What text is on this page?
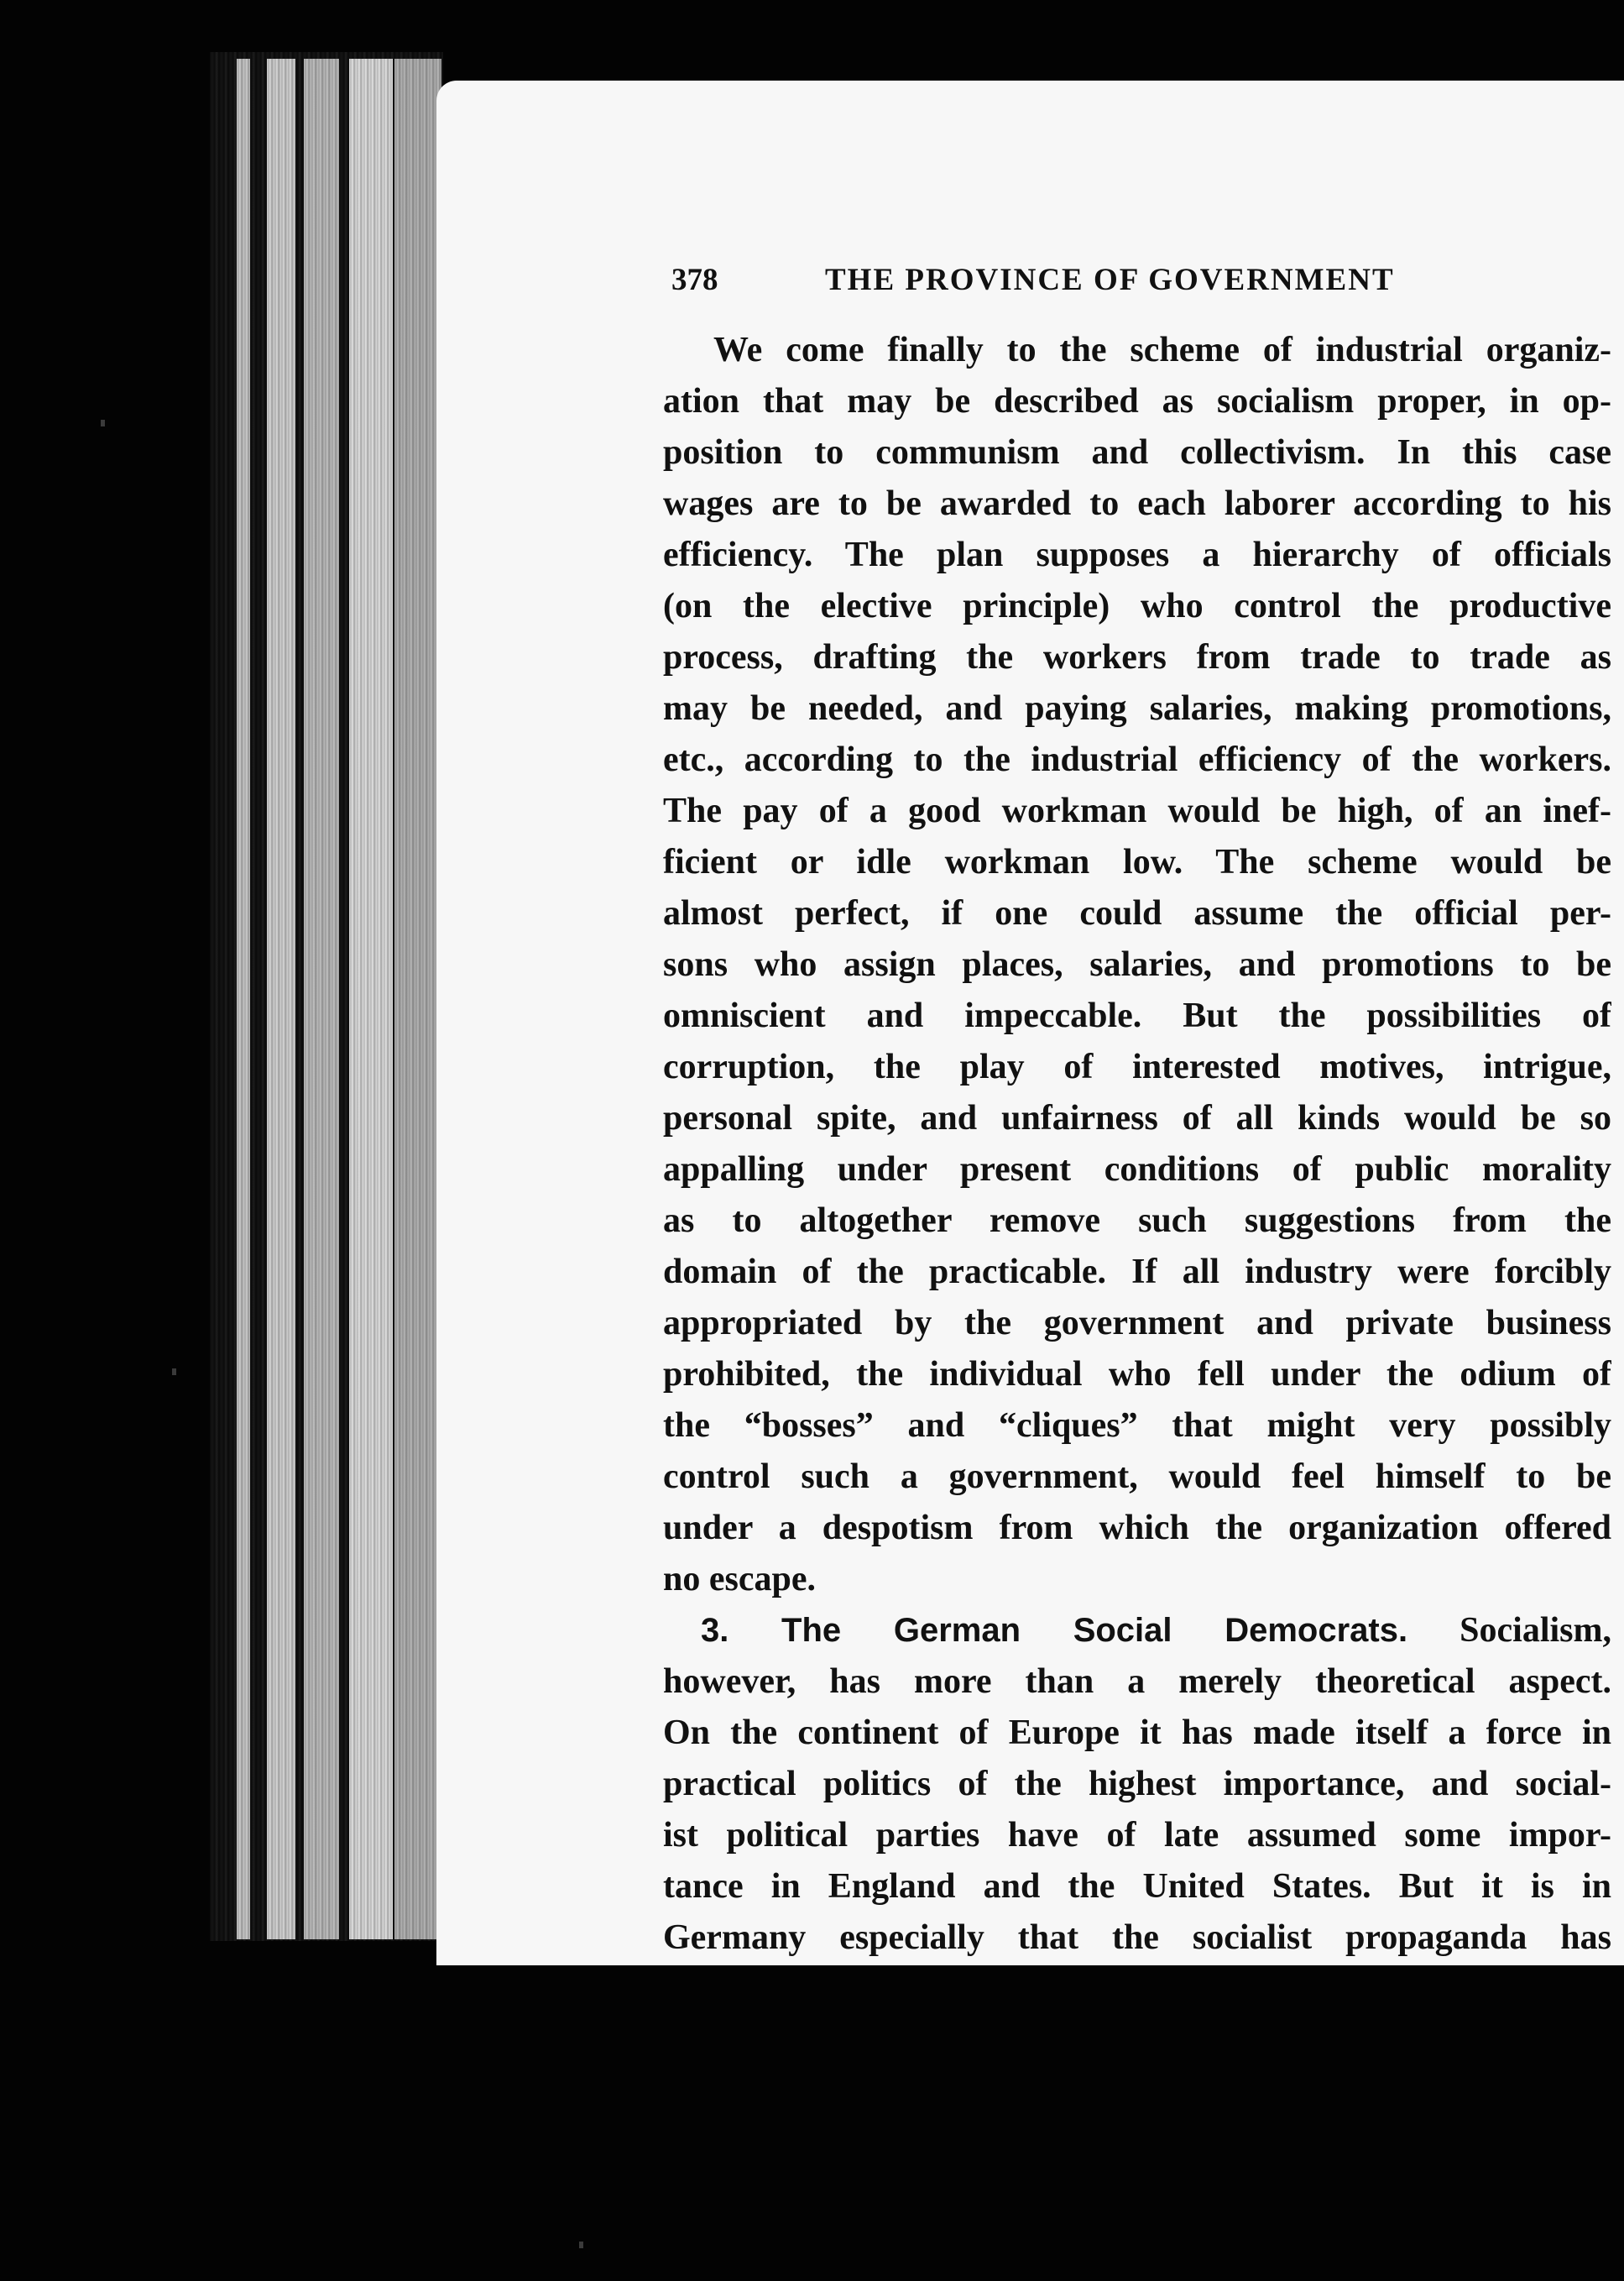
378	THE PROVINCE OF GOVERNMENT
We come finally to the scheme of industrial organiz-
ation that may be described as socialism proper, in op-
position to communism and collectivism. In this case
wages are to be awarded to each laborer according to his
efficiency. The plan supposes a hierarchy of officials
(on the elective principle) who control the productive
process, drafting the workers from trade to trade as
may be needed, and paying salaries, making promotions,
etc., according to the industrial efficiency of the workers.
The pay of a good workman would be high, of an inef-
ficient or idle workman low. The scheme would be
almost perfect, if one could assume the official per-
sons who assign places, salaries, and promotions to be
omniscient and impeccable. But the possibilities of
corruption, the play of interested motives, intrigue,
personal spite, and unfairness of all kinds would be so
appalling under present conditions of public morality
as to altogether remove such suggestions from the
domain of the practicable. If all industry were forcibly
appropriated by the government and private business
prohibited, the individual who fell under the odium of
the “bosses” and “cliques” that might very possibly
control such a government, would feel himself to be
under a despotism from which the organization offered
no escape.
3. The German Social Democrats. Socialism,
however, has more than a merely theoretical aspect.
On the continent of Europe it has made itself a force in
practical politics of the highest importance, and social-
ist political parties have of late assumed some impor-
tance in England and the United States. But it is in
Germany especially that the socialist propaganda has
